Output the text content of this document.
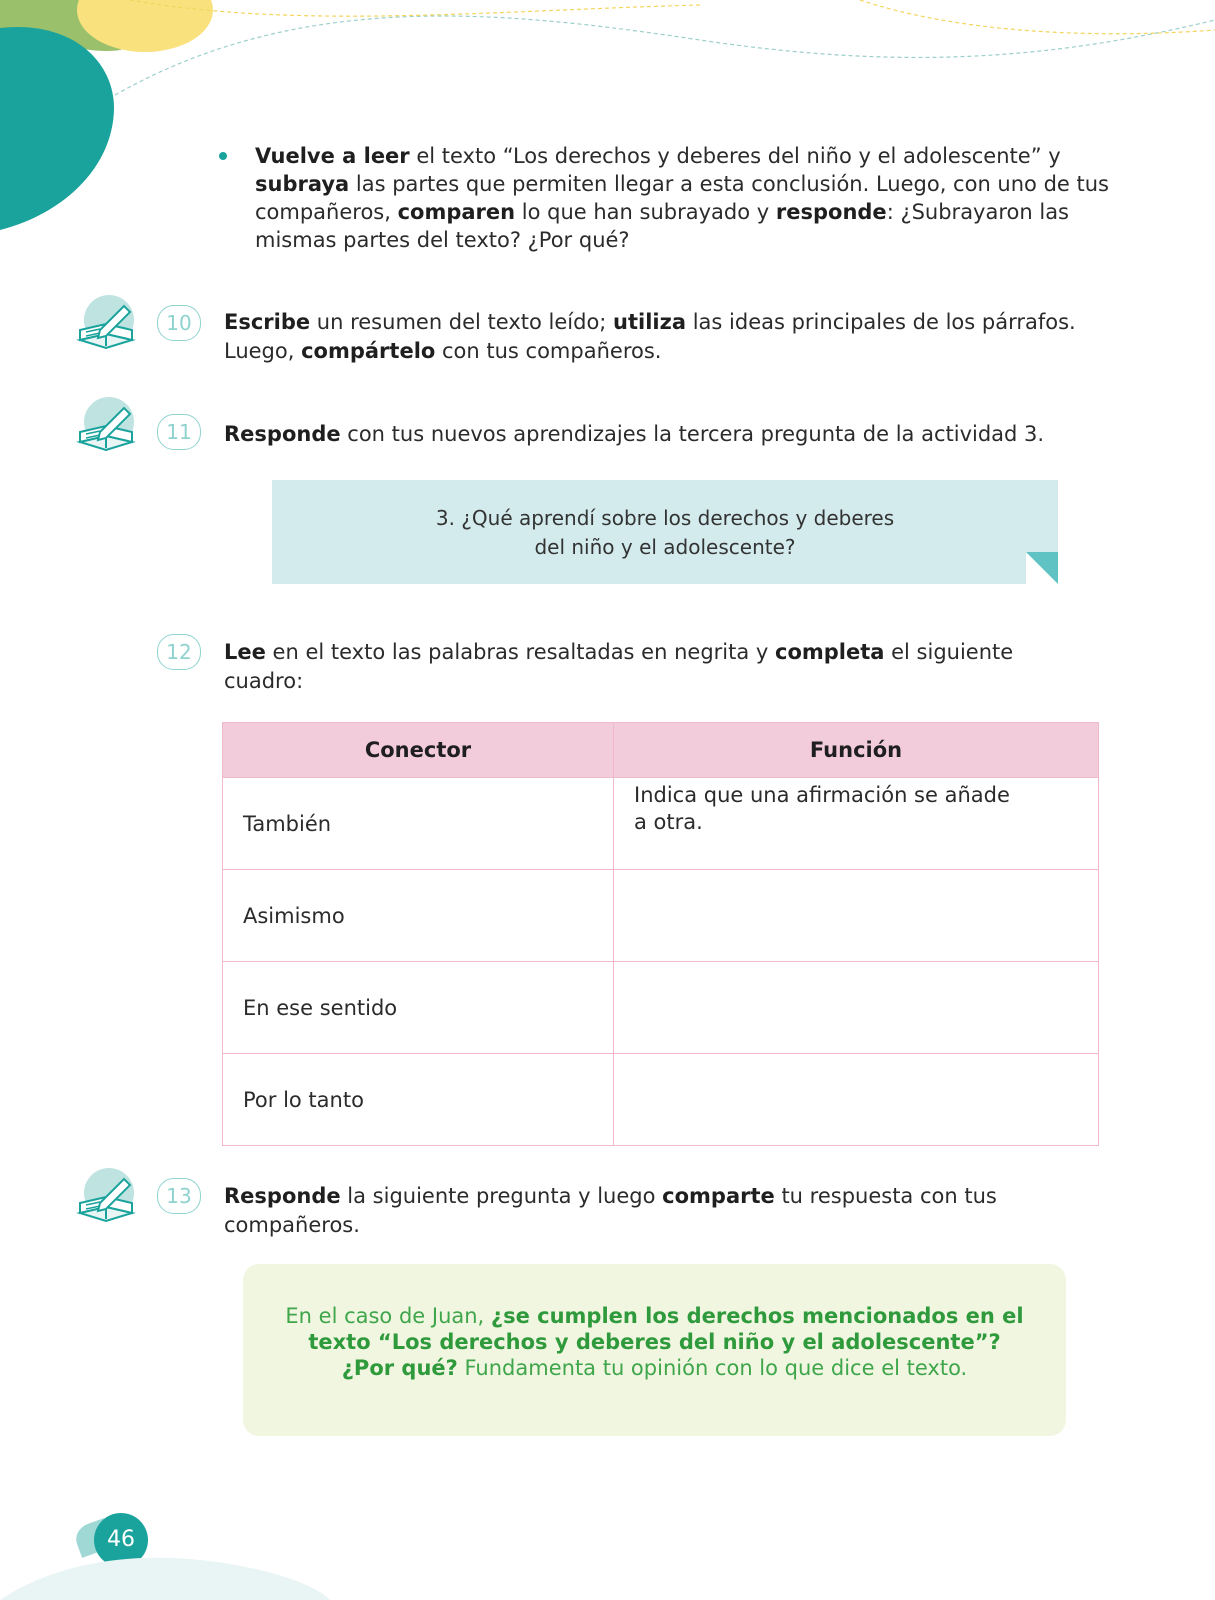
Vuelve a leer el texto “Los derechos y deberes del niño y el adolescente” y subraya las partes que permiten llegar a esta conclusión. Luego, con uno de tus compañeros, comparen lo que han subrayado y responde: ¿Subrayaron las mismas partes del texto? ¿Por qué?
10	Escribe un resumen del texto leído; utiliza las ideas principales de los párrafos. Luego, compártelo con tus compañeros.
11	Responde con tus nuevos aprendizajes la tercera pregunta de la actividad 3.
3. ¿Qué aprendí sobre los derechos y deberes
del niño y el adolescente?
12	Lee en el texto las palabras resaltadas en negrita y completa el siguiente cuadro:
Conector	Función
También	Indica que una afirmación se añade
a otra.

Asimismo	

En ese sentido	

Por lo tanto	
13	Responde la siguiente pregunta y luego comparte tu respuesta con tus compañeros.
En el caso de Juan, ¿se cumplen los derechos mencionados en el texto “Los derechos y deberes del niño y el adolescente”? ¿Por qué? Fundamenta tu opinión con lo que dice el texto.
46
